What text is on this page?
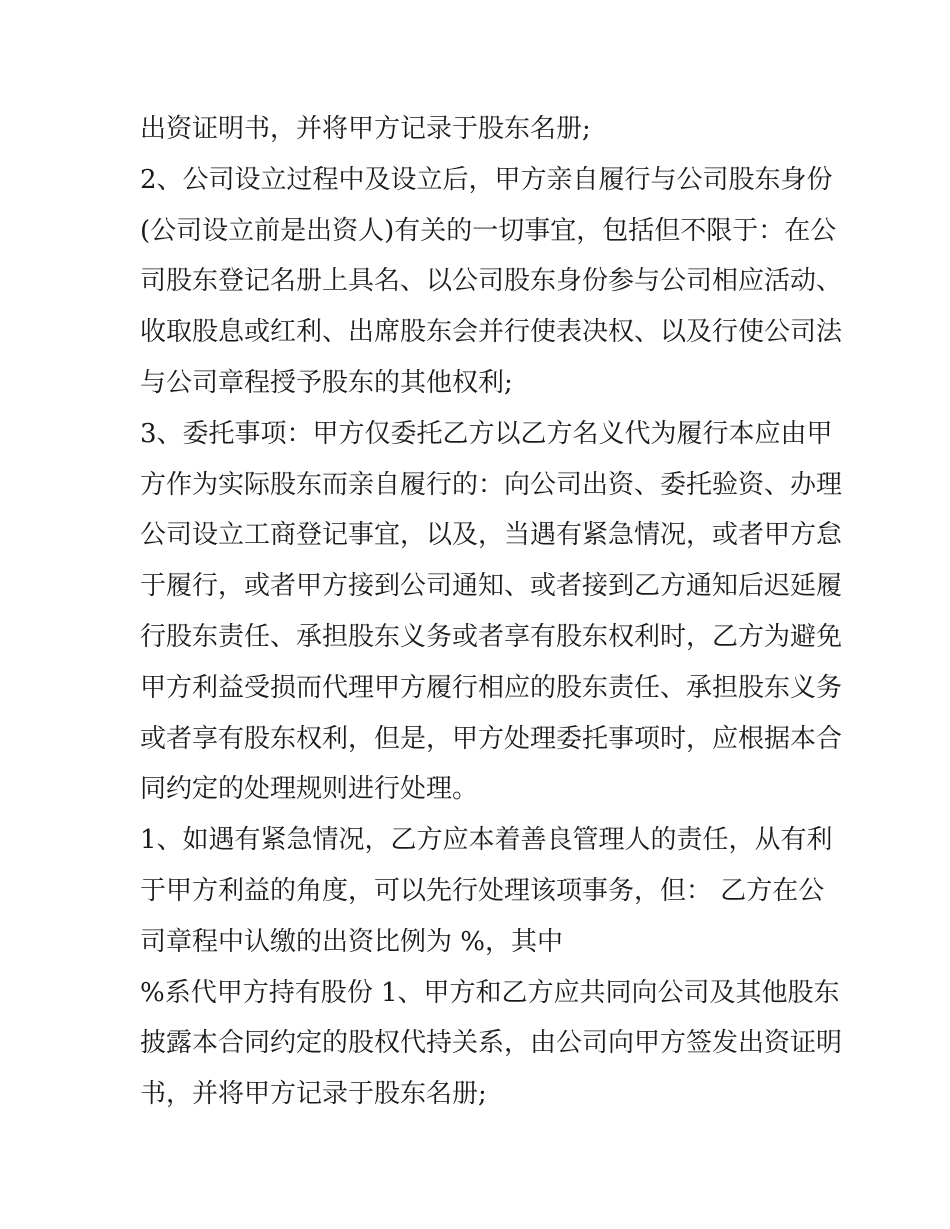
出资证明书，并将甲方记录于股东名册;
2、公司设立过程中及设立后，甲方亲自履行与公司股东身份
(公司设立前是出资人)有关的一切事宜，包括但不限于：在公
司股东登记名册上具名、以公司股东身份参与公司相应活动、
收取股息或红利、出席股东会并行使表决权、以及行使公司法
与公司章程授予股东的其他权利;
3、委托事项：甲方仅委托乙方以乙方名义代为履行本应由甲
方作为实际股东而亲自履行的：向公司出资、委托验资、办理
公司设立工商登记事宜，以及，当遇有紧急情况，或者甲方怠
于履行，或者甲方接到公司通知、或者接到乙方通知后迟延履
行股东责任、承担股东义务或者享有股东权利时，乙方为避免
甲方利益受损而代理甲方履行相应的股东责任、承担股东义务
或者享有股东权利，但是，甲方处理委托事项时，应根据本合
同约定的处理规则进行处理。
1、如遇有紧急情况，乙方应本着善良管理人的责任，从有利
于甲方利益的角度，可以先行处理该项事务，但： 乙方在公
司章程中认缴的出资比例为 %，其中
%系代甲方持有股份 1、甲方和乙方应共同向公司及其他股东
披露本合同约定的股权代持关系，由公司向甲方签发出资证明
书，并将甲方记录于股东名册;
